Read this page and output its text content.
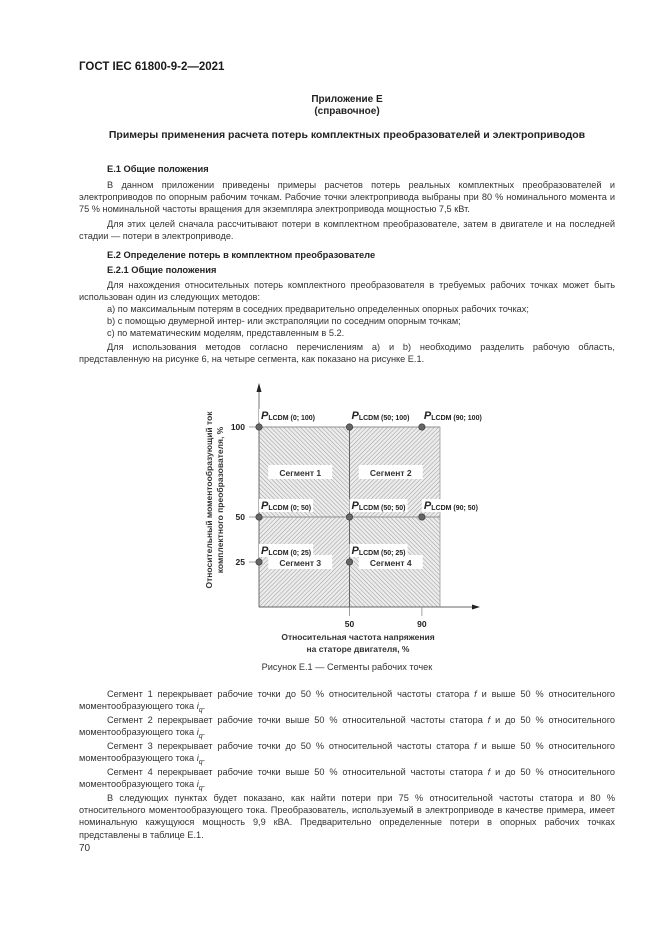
ГОСТ IEC 61800-9-2—2021
Приложение Е
(справочное)
Примеры применения расчета потерь комплектных преобразователей и электроприводов
Е.1 Общие положения
В данном приложении приведены примеры расчетов потерь реальных комплектных преобразователей и электроприводов по опорным рабочим точкам. Рабочие точки электропривода выбраны при 80 % номинального момента и 75 % номинальной частоты вращения для экземпляра электропривода мощностью 7,5 кВт.
Для этих целей сначала рассчитывают потери в комплектном преобразователе, затем в двигателе и на последней стадии — потери в электроприводе.
Е.2 Определение потерь в комплектном преобразователе
Е.2.1 Общие положения
Для нахождения относительных потерь комплектного преобразователя в требуемых рабочих точках может быть использован один из следующих методов:
а) по максимальным потерям в соседних предварительно определенных опорных рабочих точках;
b) с помощью двумерной интер- или экстраполяции по соседним опорным точкам;
с) по математическим моделям, представленным в 5.2.
Для использования методов согласно перечислениям а) и b) необходимо разделить рабочую область, представленную на рисунке 6, на четыре сегмента, как показано на рисунке Е.1.
100
50
25
50	90
Сегмент 1	Сегмент 2
Сегмент 3	Сегмент 4
PLCDM (0; 100)	PLCDM (50; 100) PLCDM (90; 100)
PLCDM (0; 50)	PLCDM (50; 50) PLCDM (90; 50)
PLCDM (0; 25)	PLCDM (50; 25)
Относительный моментообразующий ток комплектного преобразователя, %
Относительная частота напряжения
на статоре двигателя, %
Рисунок Е.1 — Сегменты рабочих точек
Сегмент 1 перекрывает рабочие точки до 50 % относительной частоты статора f и выше 50 % относительного моментообразующего тока $i_q$.
Сегмент 2 перекрывает рабочие точки выше 50 % относительной частоты статора f и до 50 % относительного моментообразующего тока $i_q$.
Сегмент 3 перекрывает рабочие точки до 50 % относительной частоты статора f и выше 50 % относительного моментообразующего тока $i_q$.
Сегмент 4 перекрывает рабочие точки выше 50 % относительной частоты статора f и до 50 % относительного моментообразующего тока $i_q$.
В следующих пунктах будет показано, как найти потери при 75 % относительной частоты статора и 80 % относительного моментообразующего тока. Преобразователь, используемый в электроприводе в качестве примера, имеет номинальную кажущуюся мощность 9,9 кВА. Предварительно определенные потери в опорных рабочих точках представлены в таблице Е.1.
70
